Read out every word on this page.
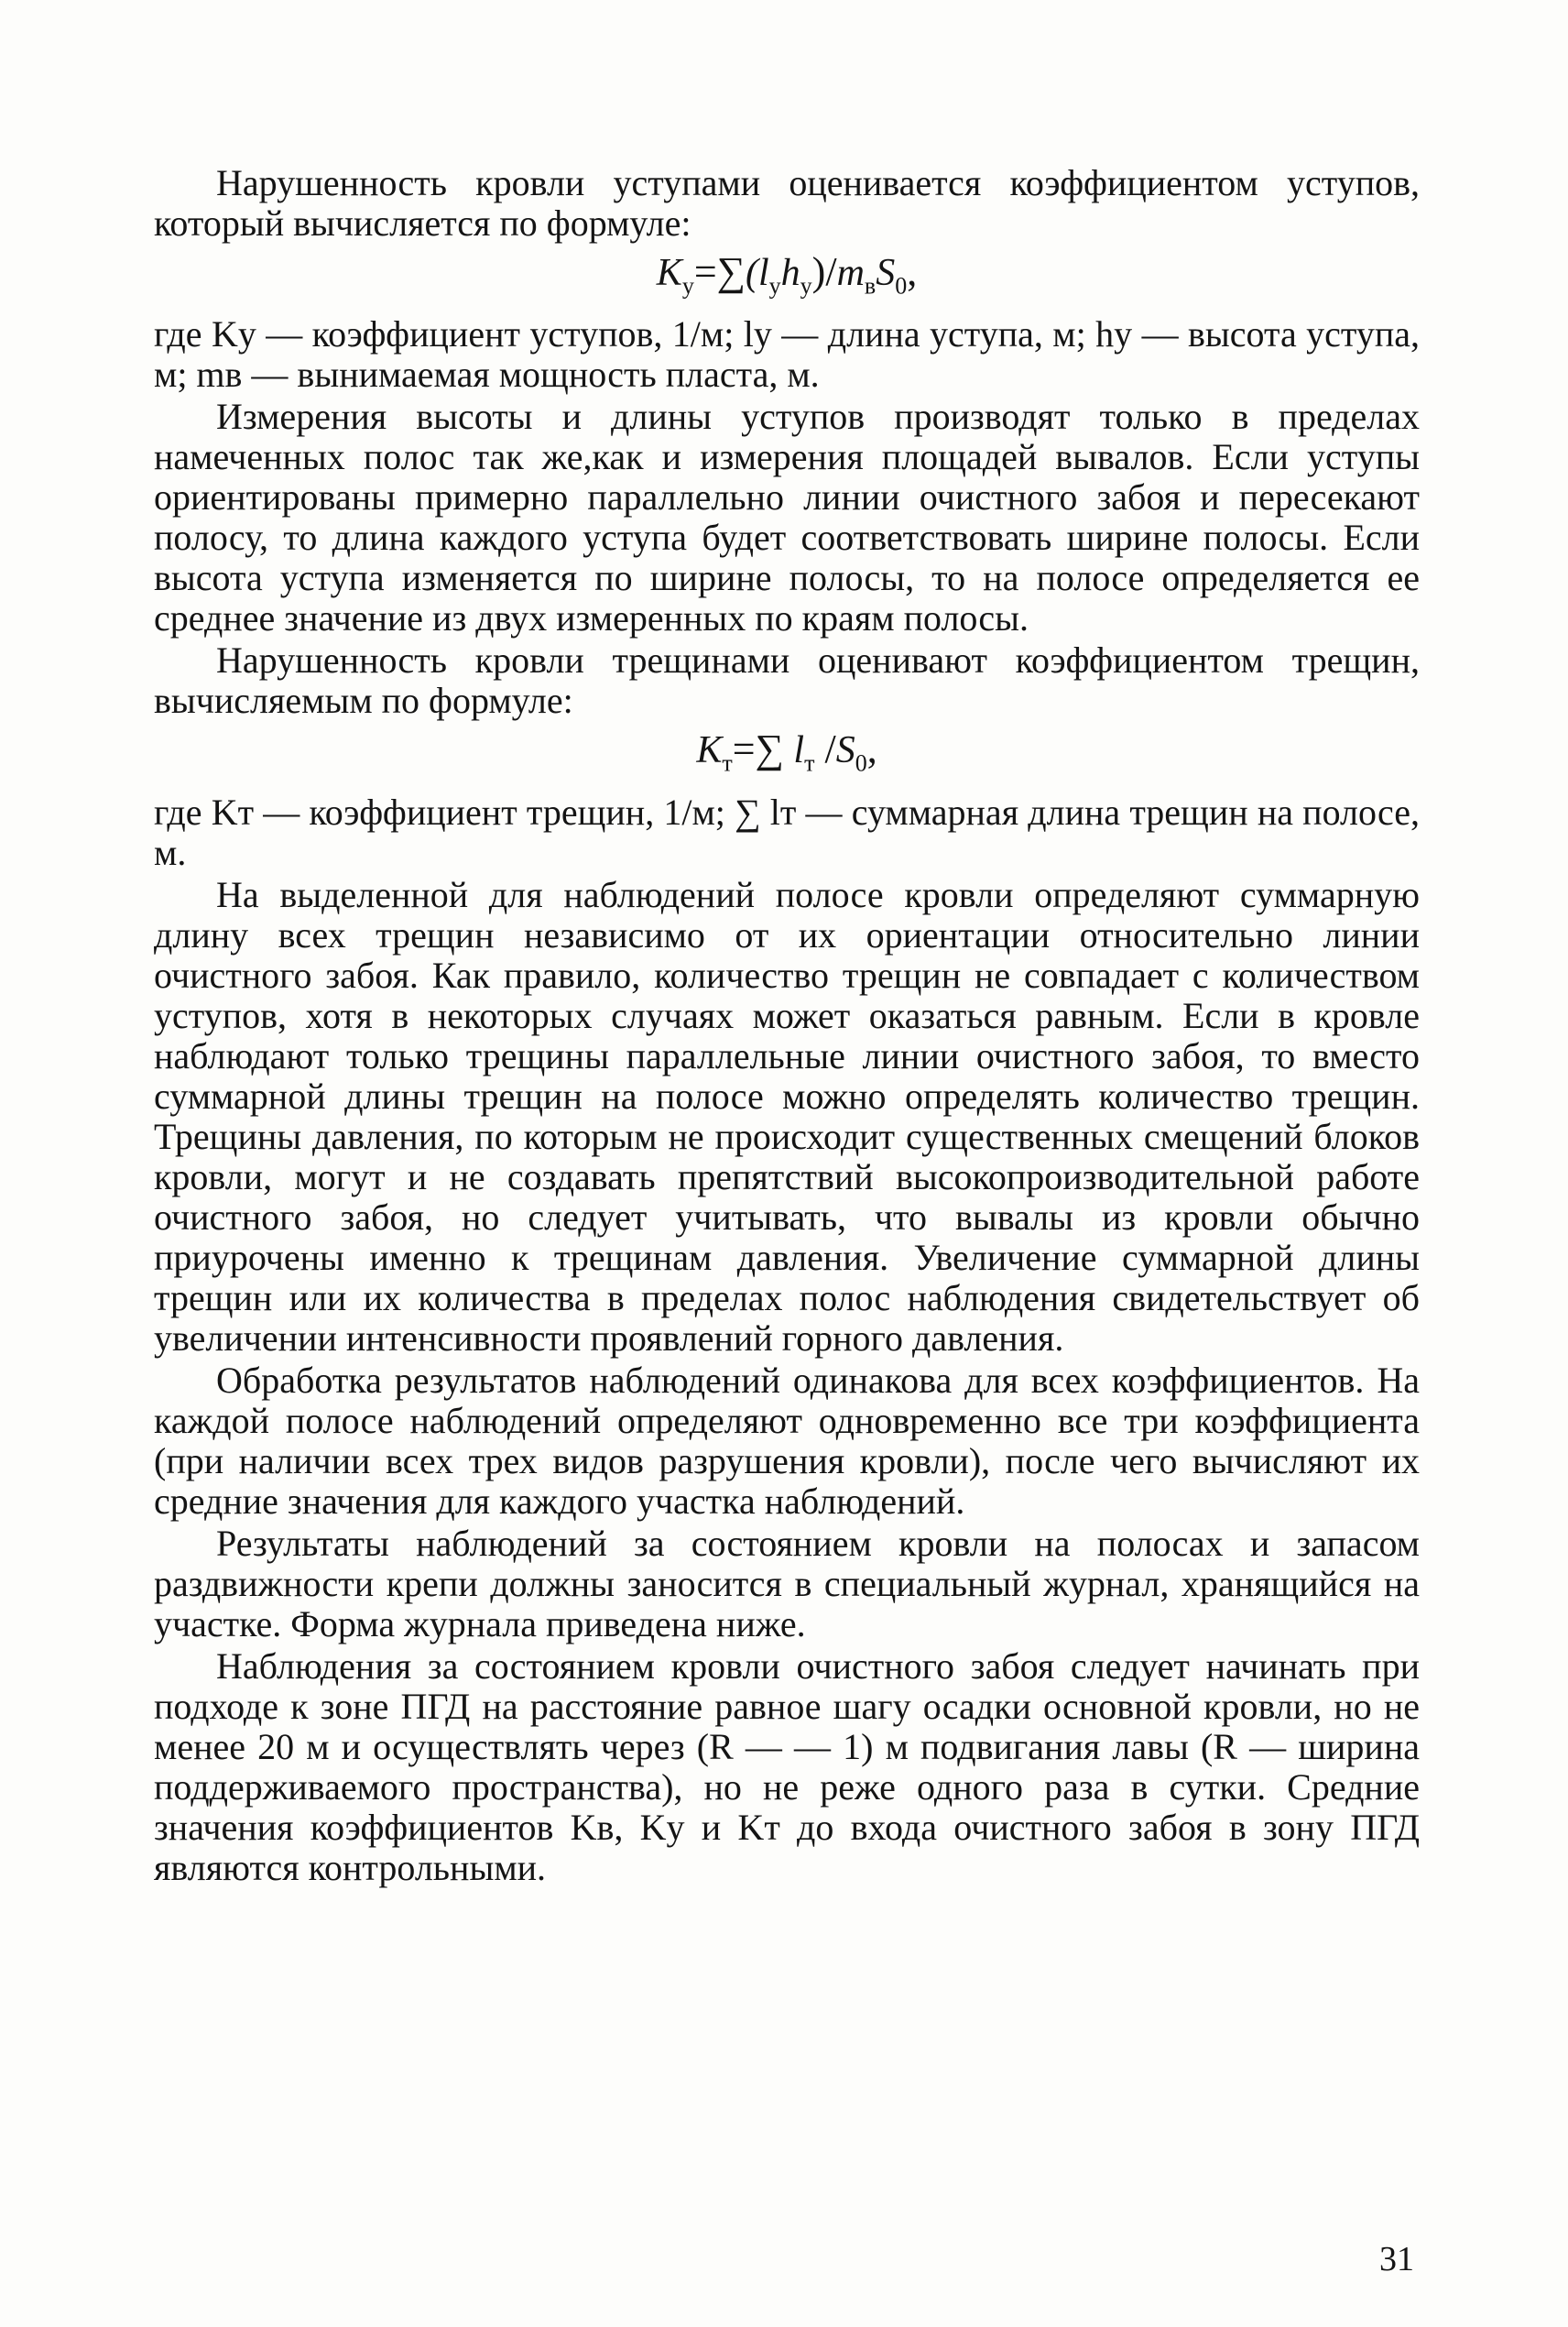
Нарушенность кровли уступами оценивается коэффициентом уступов, который вычисляется по формуле:

$K_у=\sum(l_уh_у)/m_вS_0$,

где Kу — коэффициент уступов, 1/м; lу — длина уступа, м; hу — высота уступа, м; mв — вынимаемая мощность пласта, м.

Измерения высоты и длины уступов производят только в пределах намеченных полос так же,как и измерения площадей вывалов. Если уступы ориентированы примерно параллельно линии очистного забоя и пересекают полосу, то длина каждого уступа будет соответствовать ширине полосы. Если высота уступа изменяется по ширине полосы, то на полосе определяется ее среднее значение из двух измеренных по краям полосы.

Нарушенность кровли трещинами оценивают коэффициентом трещин, вычисляемым по формуле:

$K_т=\sum$ $l_т$ $/S_0$,

где Kт — коэффициент трещин, 1/м; ∑ lт — суммарная длина трещин на полосе, м.

На выделенной для наблюдений полосе кровли определяют суммарную длину всех трещин независимо от их ориентации относительно линии очистного забоя. Как правило, количество трещин не совпадает с количеством уступов, хотя в некоторых случаях может оказаться равным. Если в кровле наблюдают только трещины параллельные линии очистного забоя, то вместо суммарной длины трещин на полосе можно определять количество трещин. Трещины давления, по которым не происходит существенных смещений блоков кровли, могут и не создавать препятствий высокопроизводительной работе очистного забоя, но следует учитывать, что вывалы из кровли обычно приурочены именно к трещинам давления. Увеличение суммарной длины трещин или их количества в пределах полос наблюдения свидетельствует об увеличении интенсивности проявлений горного давления.

Обработка результатов наблюдений одинакова для всех коэффициентов. На каждой полосе наблюдений определяют одновременно все три коэффициента (при наличии всех трех видов разрушения кровли), после чего вычисляют их средние значения для каждого участка наблюдений.

Результаты наблюдений за состоянием кровли на полосах и запасом раздвижности крепи должны заносится в специальный журнал, хранящийся на участке. Форма журнала приведена ниже.

Наблюдения за состоянием кровли очистного забоя следует начинать при подходе к зоне ПГД на расстояние равное шагу осадки основной кровли, но не менее 20 м и осуществлять через (R — — 1) м подвигания лавы (R — ширина поддерживаемого пространства), но не реже одного раза в сутки. Средние значения коэффициентов Kв, Kу и Kт до входа очистного забоя в зону ПГД являются контрольными.

31
